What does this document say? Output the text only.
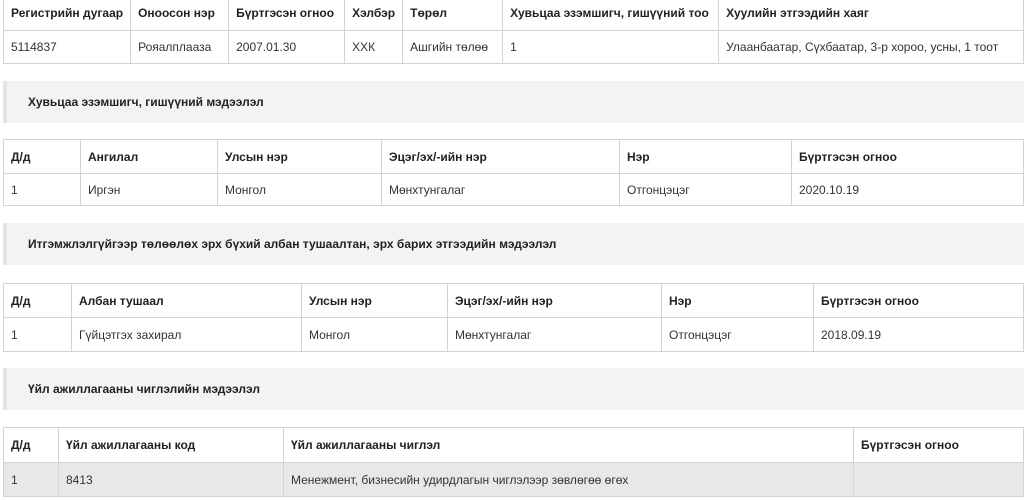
Регистрийн дугаар	Оноосон нэр	Бүртгэсэн огноо	Хэлбэр	Төрөл	Хувьцаа эзэмшигч, гишүүний тоо	Хуулийн этгээдийн хаяг
5114837	Рояалплааза	2007.01.30	ХХК	Ашгийн төлөө	1	Улаанбаатар, Сүхбаатар, 3-р хороо, усны, 1 тоот
Хувьцаа эзэмшигч, гишүүний мэдээлэл
Д/д	Ангилал	Улсын нэр	Эцэг/эх/-ийн нэр	Нэр	Бүртгэсэн огноо
1	Иргэн	Монгол	Мөнхтунгалаг	Отгонцэцэг	2020.10.19
Итгэмжлэлгүйгээр төлөөлөх эрх бүхий албан тушаалтан, эрх барих этгээдийн мэдээлэл
Д/д	Албан тушаал	Улсын нэр	Эцэг/эх/-ийн нэр	Нэр	Бүртгэсэн огноо
1	Гүйцэтгэх захирал	Монгол	Мөнхтунгалаг	Отгонцэцэг	2018.09.19
Үйл ажиллагааны чиглэлийн мэдээлэл
Д/д	Үйл ажиллагааны код	Үйл ажиллагааны чиглэл	Бүртгэсэн огноо
1	8413	Менежмент, бизнесийн удирдлагын чиглэлээр зөвлөгөө өгөх	
